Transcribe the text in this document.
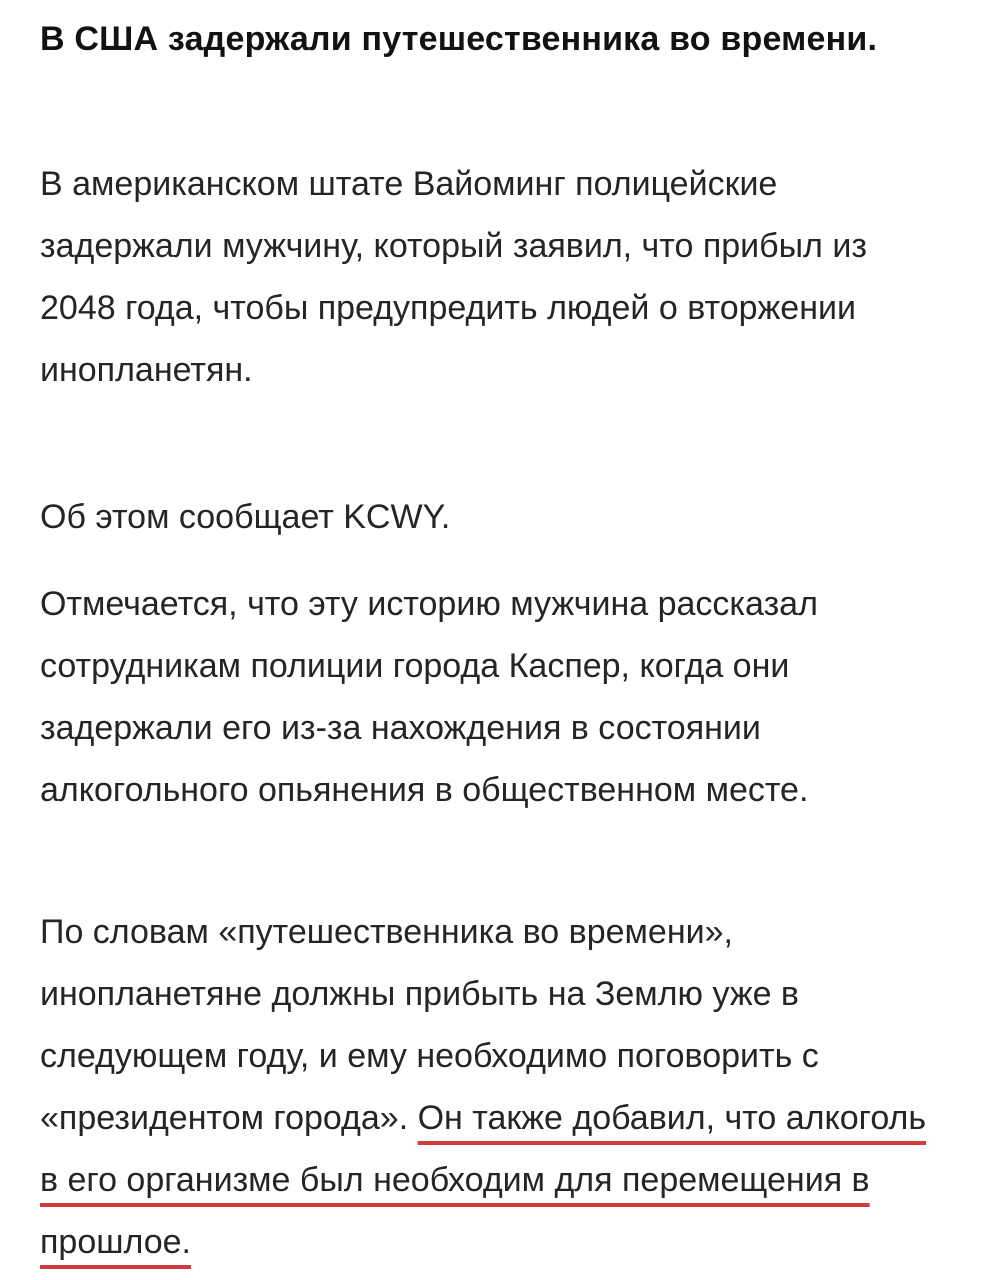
В США задержали путешественника во времени.

В американском штате Вайоминг полицейские задержали мужчину, который заявил, что прибыл из 2048 года, чтобы предупредить людей о вторжении инопланетян.

Об этом сообщает KCWY.

Отмечается, что эту историю мужчина рассказал сотрудникам полиции города Каспер, когда они задержали его из-за нахождения в состоянии алкогольного опьянения в общественном месте.

По словам «путешественника во времени», инопланетяне должны прибыть на Землю уже в следующем году, и ему необходимо поговорить с «президентом города». Он также добавил, что алкоголь в его организме был необходим для перемещения в прошлое.
